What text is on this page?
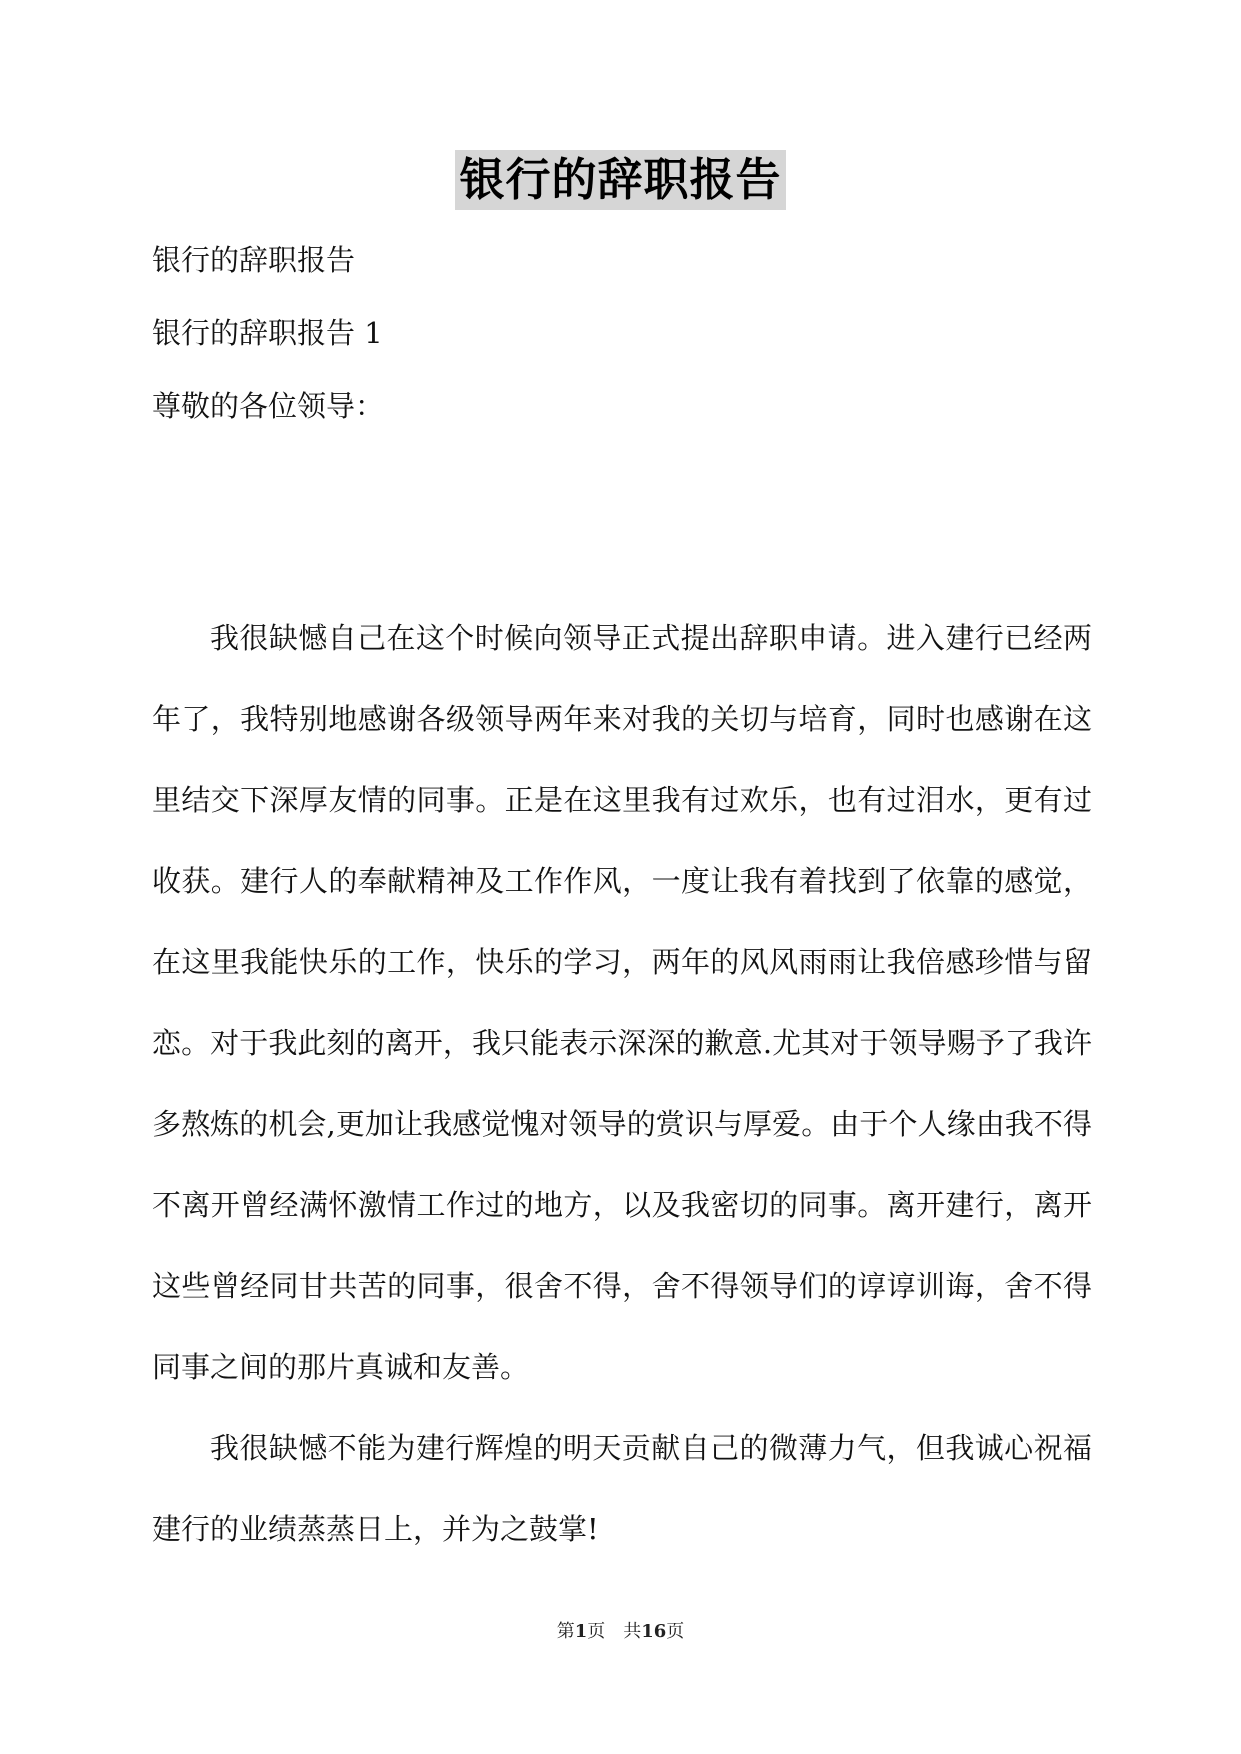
银行的辞职报告
银行的辞职报告
银行的辞职报告 1
尊敬的各位领导：

我很缺憾自己在这个时候向领导正式提出辞职申请。进入建行已经两年了，我特别地感谢各级领导两年来对我的关切与培育，同时也感谢在这里结交下深厚友情的同事。正是在这里我有过欢乐，也有过泪水，更有过收获。建行人的奉献精神及工作作风，一度让我有着找到了依靠的感觉，在这里我能快乐的工作，快乐的学习，两年的风风雨雨让我倍感珍惜与留恋。对于我此刻的离开，我只能表示深深的歉意.尤其对于领导赐予了我许多熬炼的机会,更加让我感觉愧对领导的赏识与厚爱。由于个人缘由我不得不离开曾经满怀激情工作过的地方，以及我密切的同事。离开建行，离开这些曾经同甘共苦的同事，很舍不得，舍不得领导们的谆谆训诲，舍不得同事之间的那片真诚和友善。

我很缺憾不能为建行辉煌的明天贡献自己的微薄力气，但我诚心祝福建行的业绩蒸蒸日上，并为之鼓掌!

第1页 共16页
